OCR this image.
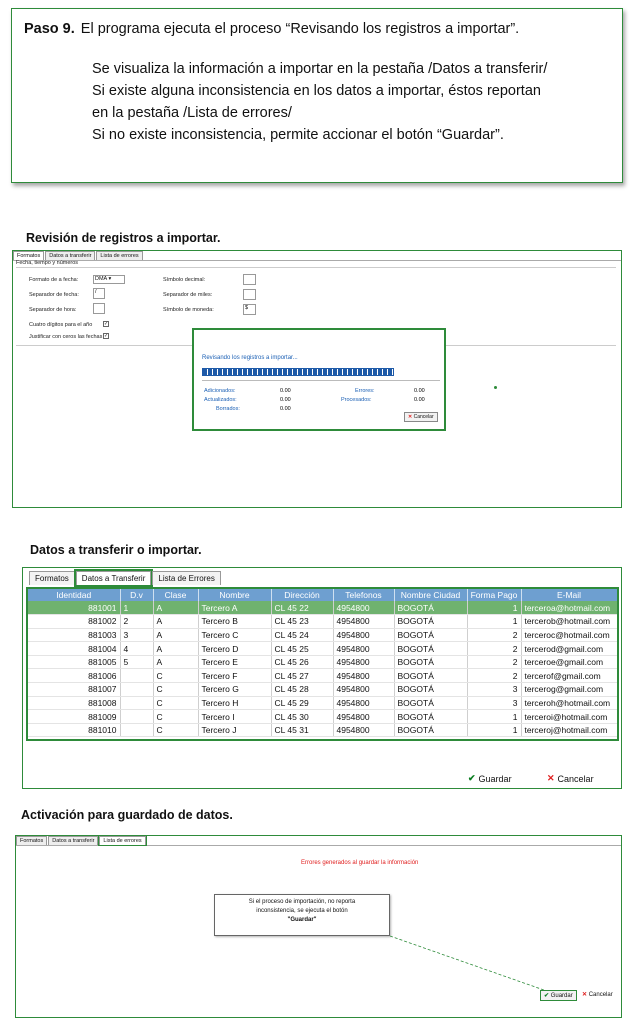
Paso 9. El programa ejecuta el proceso “Revisando los registros a importar”.
Se visualiza la información a importar en la pestaña /Datos a transferir/
Si existe alguna inconsistencia en los datos a importar, éstos reportan
en la pestaña /Lista de errores/
Si no existe inconsistencia, permite accionar el botón “Guardar”.
Revisión de registros a importar.
Formatos	Datos a transferir	Lista de errores
Fecha, tiempo y números
Formato de a fecha:	DMA ▾
Separador de fecha:	/
Separador de hora:
Cuatro dígitos para el año ✓
Justificar con ceros las fechas ✓
Símbolo decimal:
Separador de miles:
Símbolo de moneda:	$
Revisando los registros a importar...
Adicionados:	0.00
Actualizados:	0.00
Borrados:	0.00
Errores:	0.00
Procesados:	0.00
✕ Cancelar
Datos a transferir o importar.
Formatos	Datos a Transferir	Lista de Errores
Identidad	D.v	Clase	Nombre	Dirección	Telefonos	Nombre Ciudad	Forma Pago	E-Mail
881001	1	A	Tercero A	CL 45 22	4954800	BOGOTÁ	1	terceroa@hotmail.com
881002	2	A	Tercero B	CL 45 23	4954800	BOGOTÁ	1	tercerob@hotmail.com
881003	3	A	Tercero C	CL 45 24	4954800	BOGOTÁ	2	terceroc@hotmail.com
881004	4	A	Tercero D	CL 45 25	4954800	BOGOTÁ	2	tercerod@gmail.com
881005	5	A	Tercero E	CL 45 26	4954800	BOGOTÁ	2	terceroe@gmail.com
881006		C	Tercero F	CL 45 27	4954800	BOGOTÁ	2	tercerof@gmail.com
881007		C	Tercero G	CL 45 28	4954800	BOGOTÁ	3	tercerog@gmail.com
881008		C	Tercero H	CL 45 29	4954800	BOGOTÁ	3	terceroh@hotmail.com
881009		C	Tercero I	CL 45 30	4954800	BOGOTÁ	1	terceroi@hotmail.com
881010		C	Tercero J	CL 45 31	4954800	BOGOTÁ	1	terceroj@hotmail.com
✔ Guardar	✕ Cancelar
Activación para guardado de datos.
Formatos	Datos a transferir	Lista de errores
Errores generados al guardar la información
Si el proceso de importación, no reporta
inconsistencia, se ejecuta el botón
"Guardar"
✔ Guardar	✕ Cancelar
